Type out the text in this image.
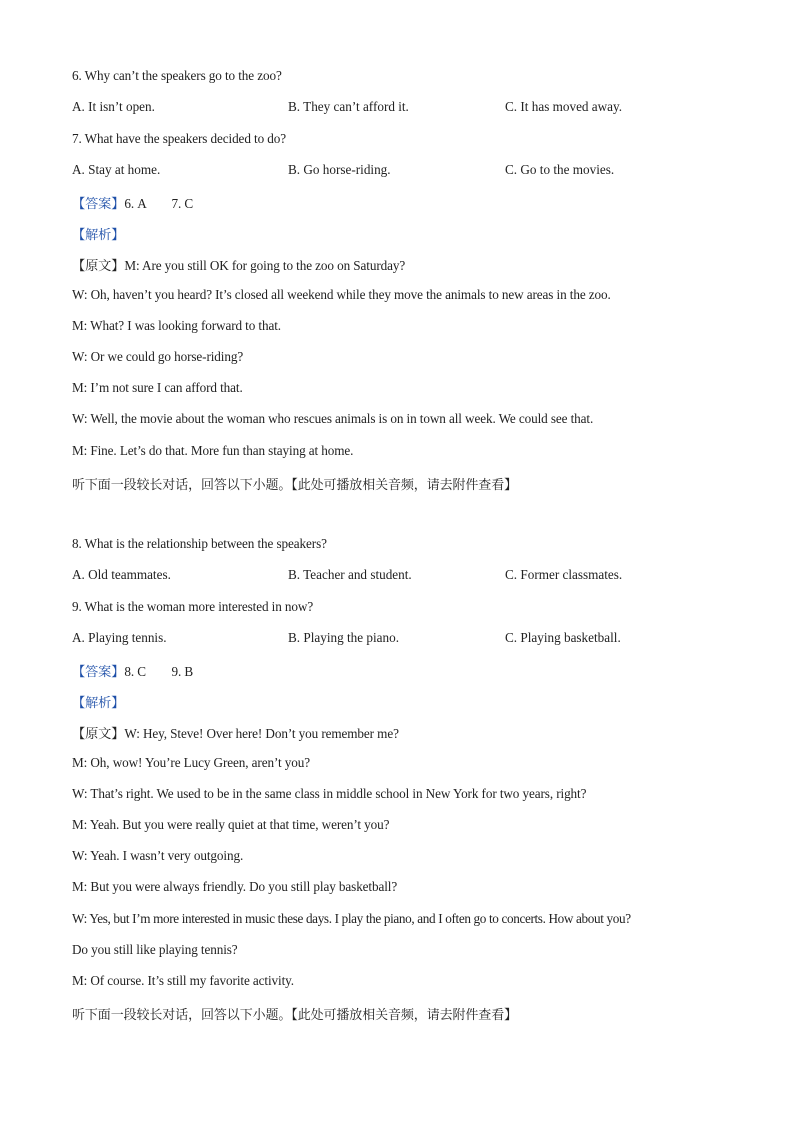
6. Why can’t the speakers go to the zoo?
A. It isn’t open.	B. They can’t afford it.	C. It has moved away.
7. What have the speakers decided to do?
A. Stay at home.	B. Go horse-riding.	C. Go to the movies.
【答案】6. A        7. C
【解析】
【原文】M: Are you still OK for going to the zoo on Saturday?
W: Oh, haven’t you heard? It’s closed all weekend while they move the animals to new areas in the zoo.
M: What? I was looking forward to that.
W: Or we could go horse-riding?
M: I’m not sure I can afford that.
W: Well, the movie about the woman who rescues animals is on in town all week. We could see that.
M: Fine. Let’s do that. More fun than staying at home.
听下面一段较长对话，回答以下小题。【此处可播放相关音频，请去附件查看】
8. What is the relationship between the speakers?
A. Old teammates.	B. Teacher and student.	C. Former classmates.
9. What is the woman more interested in now?
A. Playing tennis.	B. Playing the piano.	C. Playing basketball.
【答案】8. C        9. B
【解析】
【原文】W: Hey, Steve! Over here! Don’t you remember me?
M: Oh, wow! You’re Lucy Green, aren’t you?
W: That’s right. We used to be in the same class in middle school in New York for two years, right?
M: Yeah. But you were really quiet at that time, weren’t you?
W: Yeah. I wasn’t very outgoing.
M: But you were always friendly. Do you still play basketball?
W: Yes, but I’m more interested in music these days. I play the piano, and I often go to concerts. How about you?
Do you still like playing tennis?
M: Of course. It’s still my favorite activity.
听下面一段较长对话，回答以下小题。【此处可播放相关音频，请去附件查看】
